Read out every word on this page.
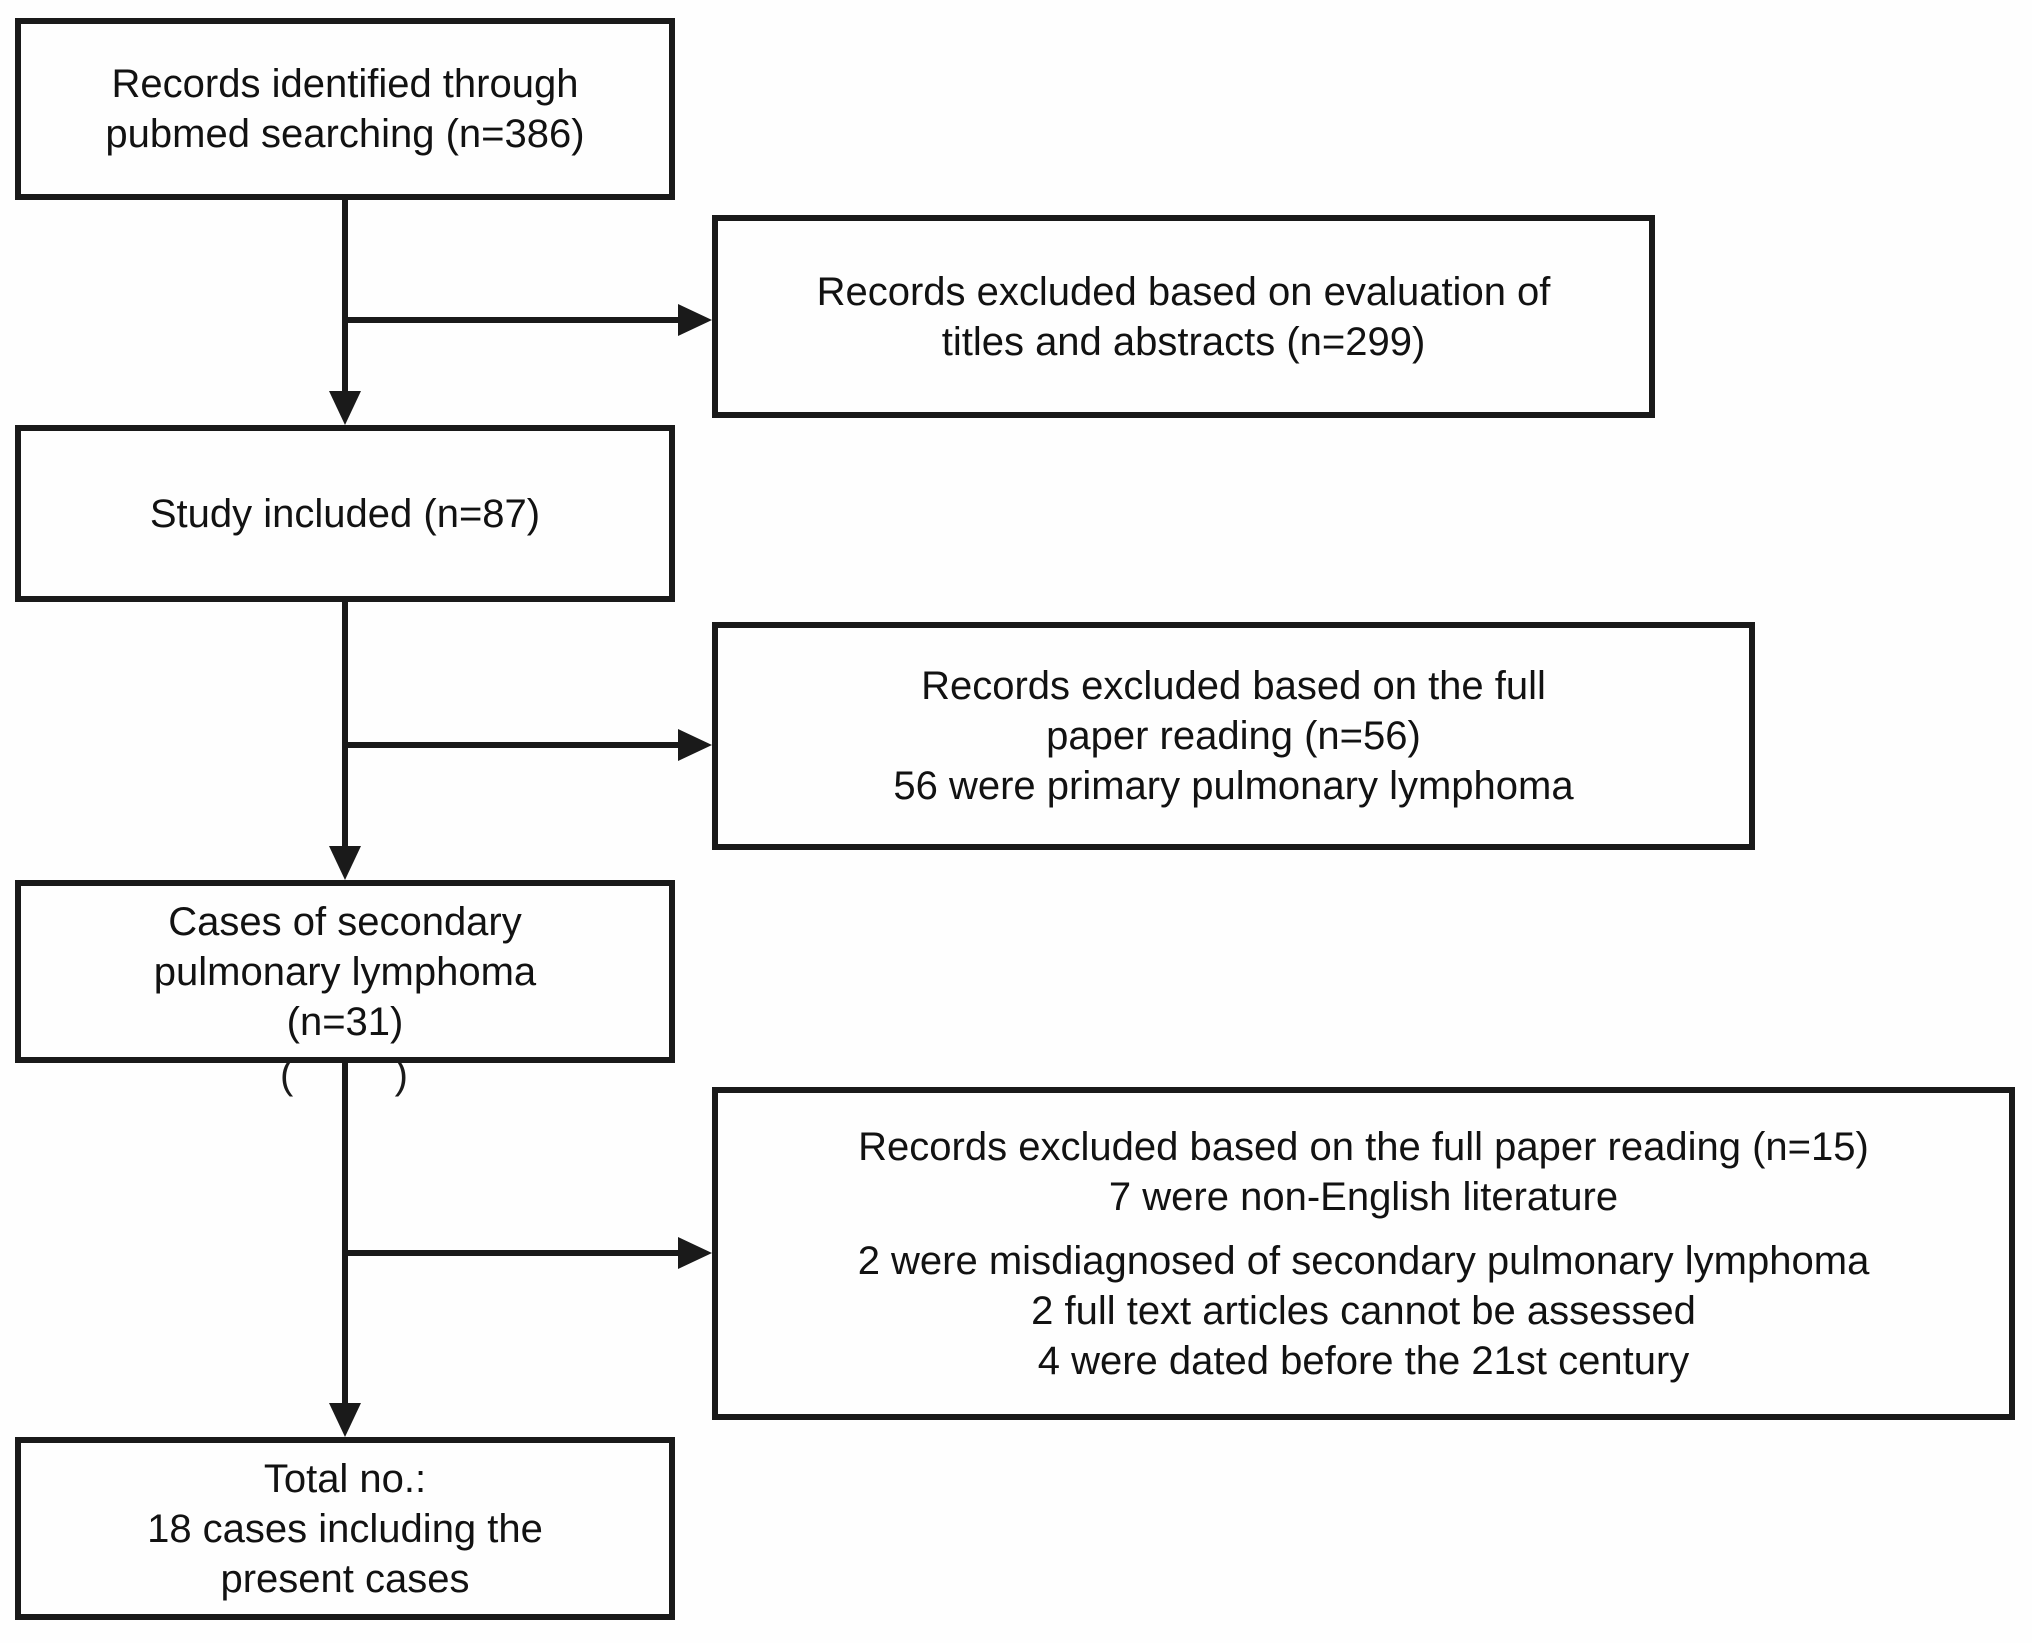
Records identified through
pubmed searching (n=386)
Study included (n=87)
Cases of secondary
pulmonary lymphoma
(n=31)
(	)
Total no.:
18 cases including the
present cases
Records excluded based on evaluation of
titles and abstracts (n=299)
Records excluded based on the full
paper reading (n=56)
56 were primary pulmonary lymphoma
Records excluded based on the full paper reading (n=15)
7 were non-English literature
2 were misdiagnosed of secondary pulmonary lymphoma
2 full text articles cannot be assessed
4 were dated before the 21st century
